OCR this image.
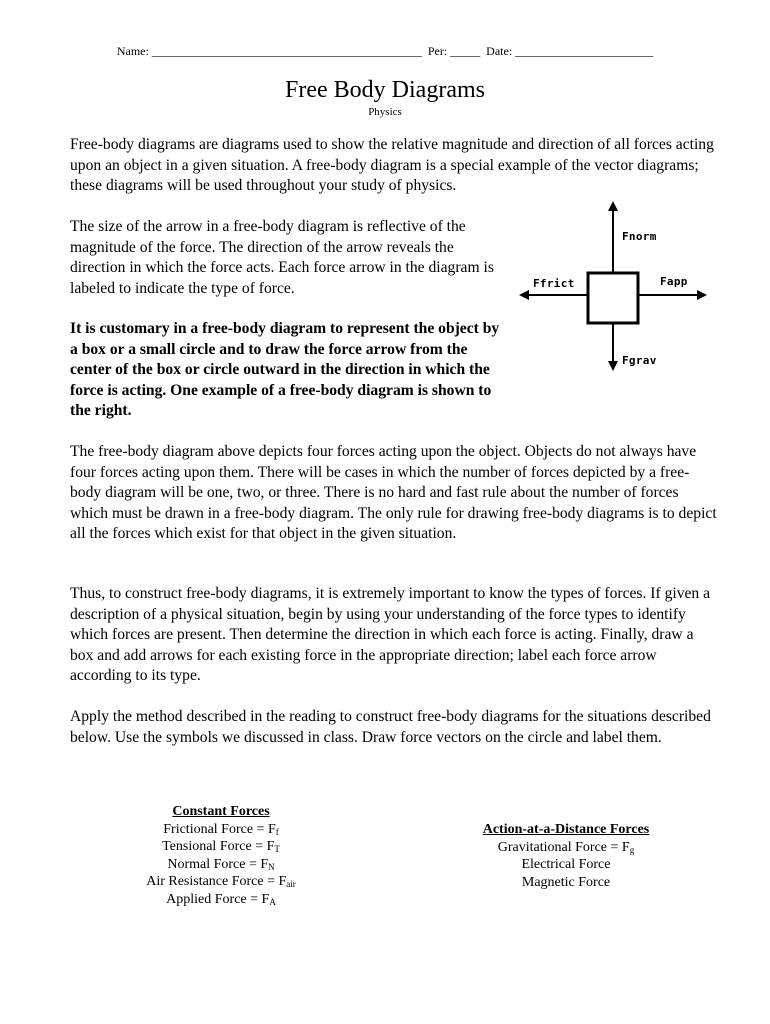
Name: _____________________________________________  Per: _____  Date: _______________________
Free Body Diagrams
Physics
Free-body diagrams are diagrams used to show the relative magnitude and direction of all forces acting upon an object in a given situation. A free-body diagram is a special example of the vector diagrams; these diagrams will be used throughout your study of physics.
The size of the arrow in a free-body diagram is reflective of the magnitude of the force. The direction of the arrow reveals the direction in which the force acts. Each force arrow in the diagram is labeled to indicate the type of force.
It is customary in a free-body diagram to represent the object by a box or a small circle and to draw the force arrow from the center of the box or circle outward in the direction in which the force is acting. One example of a free-body diagram is shown to the right.
Fnorm
Fapp
Ffrict
Fgrav
The free-body diagram above depicts four forces acting upon the object. Objects do not always have four forces acting upon them. There will be cases in which the number of forces depicted by a free-body diagram will be one, two, or three. There is no hard and fast rule about the number of forces which must be drawn in a free-body diagram. The only rule for drawing free-body diagrams is to depict all the forces which exist for that object in the given situation.
Thus, to construct free-body diagrams, it is extremely important to know the types of forces. If given a description of a physical situation, begin by using your understanding of the force types to identify which forces are present. Then determine the direction in which each force is acting. Finally, draw a box and add arrows for each existing force in the appropriate direction; label each force arrow according to its type.
Apply the method described in the reading to construct free-body diagrams for the situations described below. Use the symbols we discussed in class. Draw force vectors on the circle and label them.
Constant Forces
Frictional Force = $F_f$
Tensional Force = $F_T$
Normal Force = $F_N$
Air Resistance Force = $F_{air}$
Applied Force = $F_A$
Action-at-a-Distance Forces
Gravitational Force = $F_g$
Electrical Force
Magnetic Force
